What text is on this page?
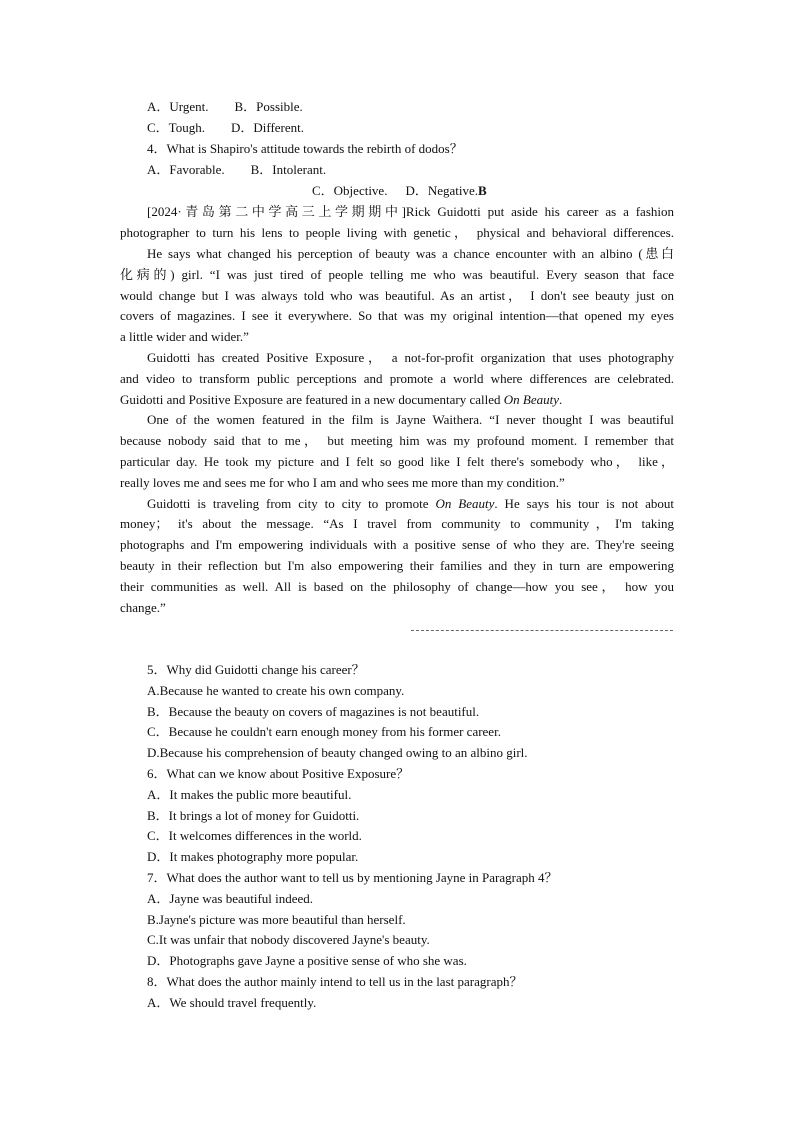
A．Urgent. B．Possible.
C．Tough. D．Different.
4．What is Shapiro's attitude towards the rebirth of dodos？
A．Favorable. B．Intolerant.
C．Objective. D．Negative.B
[2024·青岛第二中学高三上学期期中]Rick Guidotti put aside his career as a fashion
photographer to turn his lens to people living with genetic， physical and behavioral differences.
He says what changed his perception of beauty was a chance encounter with an albino (患白
化病的) girl. “I was just tired of people telling me who was beautiful. Every season that face
would change but I was always told who was beautiful. As an artist， I don't see beauty just on
covers of magazines. I see it everywhere. So that was my original intention—that opened my eyes
a little wider and wider.”
Guidotti has created Positive Exposure， a not-for-profit organization that uses photography
and video to transform public perceptions and promote a world where differences are celebrated.
Guidotti and Positive Exposure are featured in a new documentary called On Beauty.
One of the women featured in the film is Jayne Waithera. “I never thought I was beautiful
because nobody said that to me， but meeting him was my profound moment. I remember that
particular day. He took my picture and I felt so good like I felt there's somebody who， like，
really loves me and sees me for who I am and who sees me more than my condition.”
Guidotti is traveling from city to city to promote On Beauty. He says his tour is not about
money； it's about the message. “As I travel from community to community，I'm taking
photographs and I'm empowering individuals with a positive sense of who they are. They're seeing
beauty in their reflection but I'm also empowering their families and they in turn are empowering
their communities as well. All is based on the philosophy of change—how you see， how you
change.”
5．Why did Guidotti change his career？
A.Because he wanted to create his own company.
B．Because the beauty on covers of magazines is not beautiful.
C．Because he couldn't earn enough money from his former career.
D.Because his comprehension of beauty changed owing to an albino girl.
6．What can we know about Positive Exposure？
A．It makes the public more beautiful.
B．It brings a lot of money for Guidotti.
C．It welcomes differences in the world.
D．It makes photography more popular.
7．What does the author want to tell us by mentioning Jayne in Paragraph 4？
A．Jayne was beautiful indeed.
B.Jayne's picture was more beautiful than herself.
C.It was unfair that nobody discovered Jayne's beauty.
D．Photographs gave Jayne a positive sense of who she was.
8．What does the author mainly intend to tell us in the last paragraph？
A．We should travel frequently.
